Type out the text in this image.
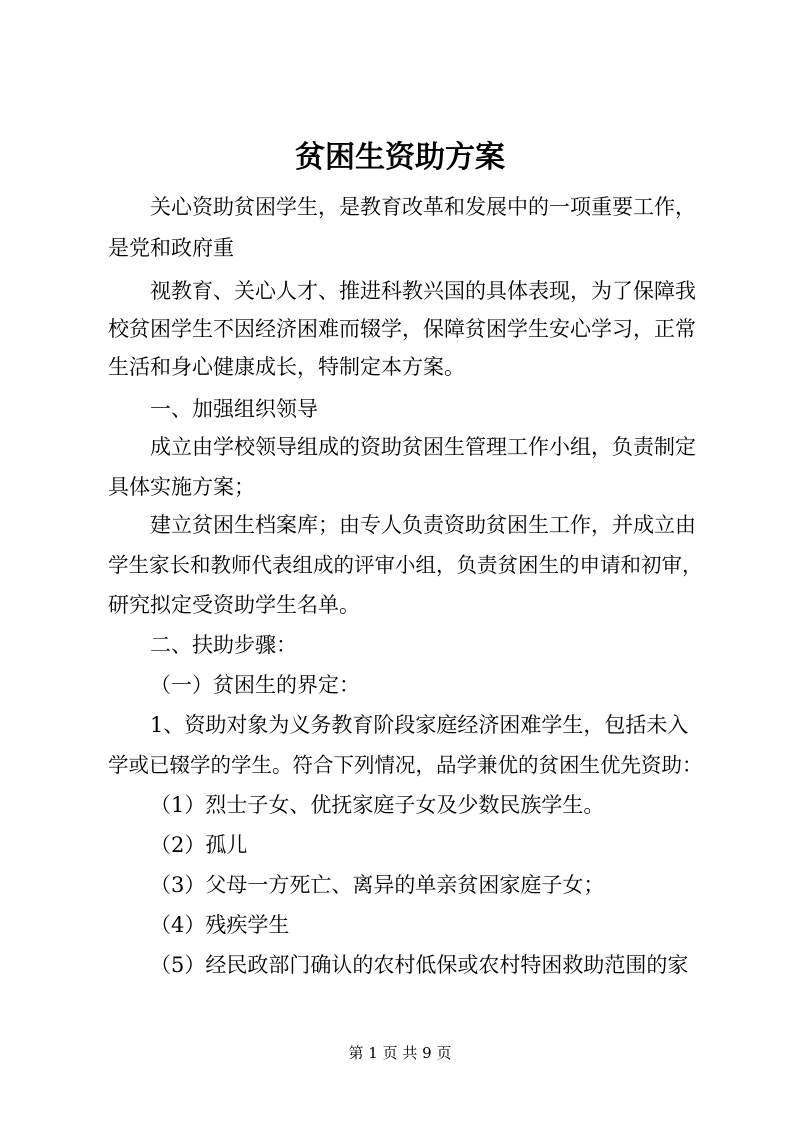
贫困生资助方案
关心资助贫困学生，是教育改革和发展中的一项重要工作，
是党和政府重
视教育、关心人才、推进科教兴国的具体表现，为了保障我
校贫困学生不因经济困难而辍学，保障贫困学生安心学习，正常
生活和身心健康成长，特制定本方案。
一、加强组织领导
成立由学校领导组成的资助贫困生管理工作小组，负责制定
具体实施方案；
建立贫困生档案库；由专人负责资助贫困生工作，并成立由
学生家长和教师代表组成的评审小组，负责贫困生的申请和初审，
研究拟定受资助学生名单。
二、扶助步骤：
（一）贫困生的界定：
1、资助对象为义务教育阶段家庭经济困难学生，包括未入
学或已辍学的学生。符合下列情况，品学兼优的贫困生优先资助：
（1）烈士子女、优抚家庭子女及少数民族学生。
（2）孤儿
（3）父母一方死亡、离异的单亲贫困家庭子女；
（4）残疾学生
（5）经民政部门确认的农村低保或农村特困救助范围的家
第 1 页 共 9 页
